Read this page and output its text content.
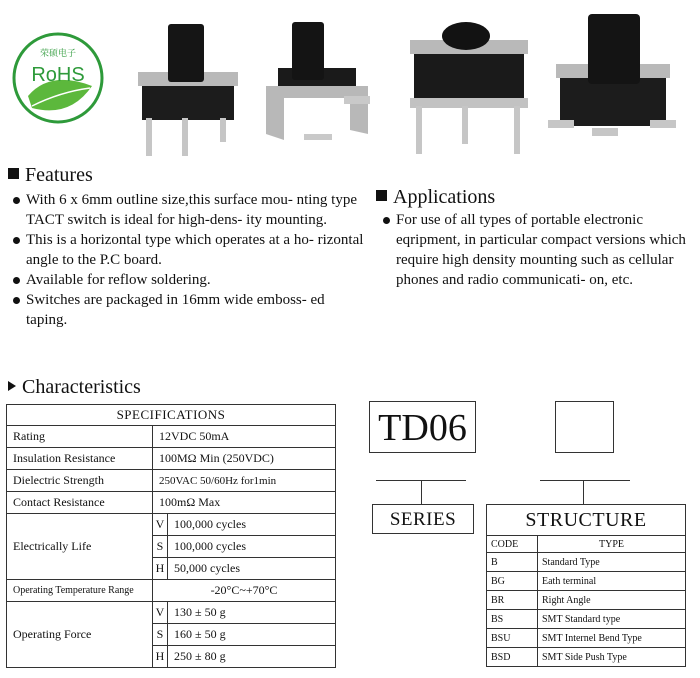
荣硕电子
RoHS
Features
With 6 x 6mm outline size,this surface mou- nting type TACT switch is ideal for high-dens- ity mounting.
This is a horizontal type which operates at a ho- rizontal angle to the P.C board.
Available for reflow soldering.
Switches are packaged in 16mm wide emboss- ed taping.
Applications
For use of all types of portable electronic eqripment, in particular compact versions which require high density mounting such as cellular phones and radio communicati- on, etc.
Characteristics
SPECIFICATIONS		
Rating	12VDC 50mA	
Insulation Resistance	100MΩ Min (250VDC)	
Dielectric Strength	250VAC 50/60Hz for1min	
Contact Resistance	100mΩ Max	
Electrically Life	V	100,000 cycles
	S	100,000 cycles
	H	50,000 cycles
Operating Temperature Range	-20°C~+70°C	
Operating Force	V	130 ± 50 g
	S	160 ± 50 g
	H	250 ± 80 g
TD06
SERIES	STRUCTURE	
CODE	TYPE
B	Standard Type
BG	Eath terminal
BR	Right Angle
BS	SMT Standard type
BSU	SMT Internel Bend Type
BSD	SMT Side Push Type
